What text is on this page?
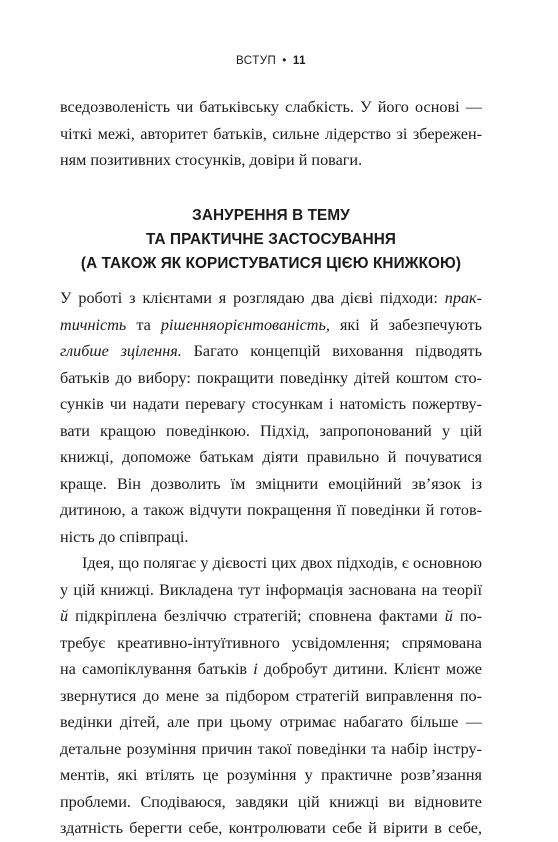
ВСТУП • 11
вседозволеність чи батьківську слабкість. У його основі —
чіткі межі, авторитет батьків, сильне лідерство зі збережен-
ням позитивних стосунків, довіри й поваги.
ЗАНУРЕННЯ В ТЕМУ
ТА ПРАКТИЧНЕ ЗАСТОСУВАННЯ
(А ТАКОЖ ЯК КОРИСТУВАТИСЯ ЦІЄЮ КНИЖКОЮ)
У роботі з клієнтами я розглядаю два дієві підходи: прак-
тичність та рішенняорієнтованість, які й забезпечують
глибше зцілення. Багато концепцій виховання підводять
батьків до вибору: покращити поведінку дітей коштом сто-
сунків чи надати перевагу стосункам і натомість пожертву-
вати кращою поведінкою. Підхід, запропонований у цій
книжці, допоможе батькам діяти правильно й почуватися
краще. Він дозволить їм зміцнити емоційний зв’язок із
дитиною, а також відчути покращення її поведінки й готов-
ність до співпраці.
Ідея, що полягає у дієвості цих двох підходів, є основною
у цій книжці. Викладена тут інформація заснована на теорії
й підкріплена безліччю стратегій; сповнена фактами й по-
требує креативно-інтуїтивного усвідомлення; спрямована
на самопіклування батьків і добробут дитини. Клієнт може
звернутися до мене за підбором стратегій виправлення по-
ведінки дітей, але при цьому отримає набагато більше —
детальне розуміння причин такої поведінки та набір інстру-
ментів, які втілять це розуміння у практичне розв’язання
проблеми. Сподіваюся, завдяки цій книжці ви відновите
здатність берегти себе, контролювати себе й вірити в себе,
